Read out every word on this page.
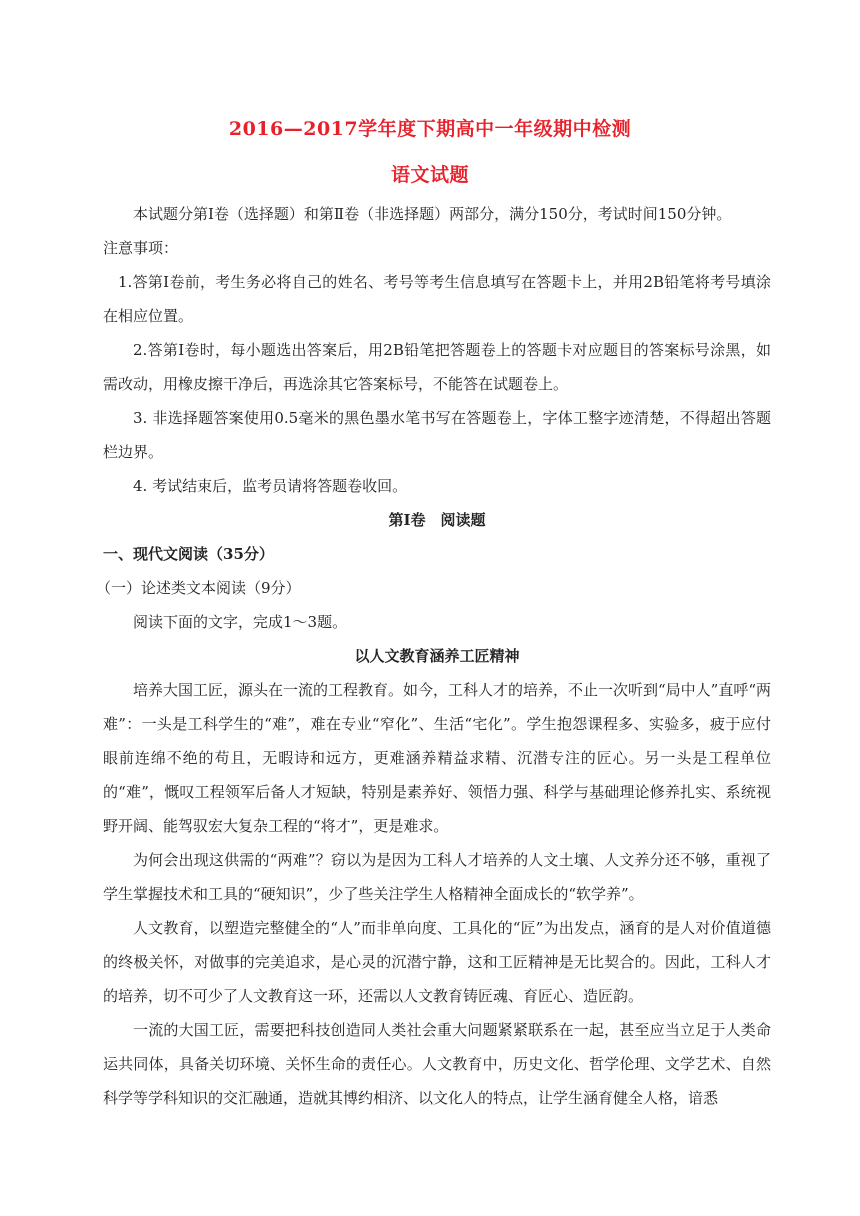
2016—2017学年度下期高中一年级期中检测
语文试题

本试题分第Ⅰ卷（选择题）和第Ⅱ卷（非选择题）两部分，满分150分，考试时间150分钟。

注意事项：

1.答第Ⅰ卷前，考生务必将自己的姓名、考号等考生信息填写在答题卡上，并用2B铅笔将考号填涂在相应位置。

2.答第Ⅰ卷时，每小题选出答案后，用2B铅笔把答题卷上的答题卡对应题目的答案标号涂黑，如需改动，用橡皮擦干净后，再选涂其它答案标号，不能答在试题卷上。

3. 非选择题答案使用0.5毫米的黑色墨水笔书写在答题卷上，字体工整字迹清楚，不得超出答题栏边界。

4. 考试结束后，监考员请将答题卷收回。

第Ⅰ卷　阅读题

一、现代文阅读（35分）

（一）论述类文本阅读（9分）

阅读下面的文字，完成1～3题。

以人文教育涵养工匠精神

培养大国工匠，源头在一流的工程教育。如今，工科人才的培养，不止一次听到“局中人”直呼“两难”：一头是工科学生的“难”，难在专业“窄化”、生活“宅化”。学生抱怨课程多、实验多，疲于应付眼前连绵不绝的苟且，无暇诗和远方，更难涵养精益求精、沉潜专注的匠心。另一头是工程单位的“难”，慨叹工程领军后备人才短缺，特别是素养好、领悟力强、科学与基础理论修养扎实、系统视野开阔、能驾驭宏大复杂工程的“将才”，更是难求。

为何会出现这供需的“两难”？窃以为是因为工科人才培养的人文土壤、人文养分还不够，重视了学生掌握技术和工具的“硬知识”，少了些关注学生人格精神全面成长的“软学养”。

人文教育，以塑造完整健全的“人”而非单向度、工具化的“匠”为出发点，涵育的是人对价值道德的终极关怀，对做事的完美追求，是心灵的沉潜宁静，这和工匠精神是无比契合的。因此，工科人才的培养，切不可少了人文教育这一环，还需以人文教育铸匠魂、育匠心、造匠韵。

一流的大国工匠，需要把科技创造同人类社会重大问题紧紧联系在一起，甚至应当立足于人类命运共同体，具备关切环境、关怀生命的责任心。人文教育中，历史文化、哲学伦理、文学艺术、自然科学等学科知识的交汇融通，造就其博约相济、以文化人的特点，让学生涵育健全人格，谙悉
